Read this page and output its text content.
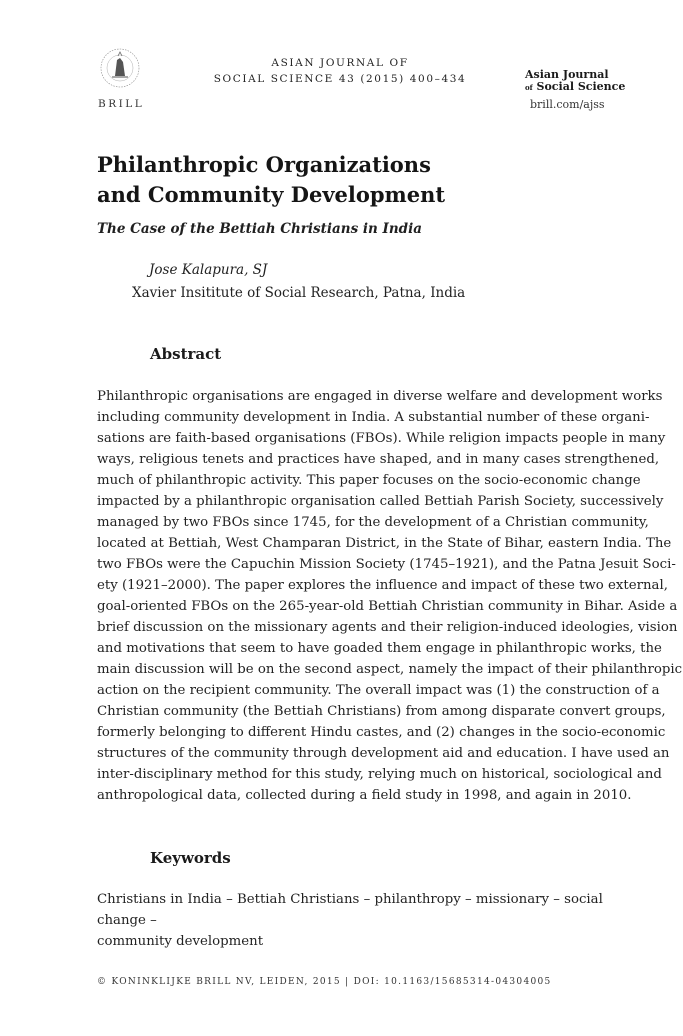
BRILL
ASIAN JOURNAL OF
SOCIAL SCIENCE 43 (2015) 400–434	Asian Journal
of Social Science
brill.com/ajss
Philanthropic Organizations
and Community Development
The Case of the Bettiah Christians in India
Jose Kalapura, SJ
Xavier Insititute of Social Research, Patna, India
Abstract
Philanthropic organisations are engaged in diverse welfare and development works
including community development in India. A substantial number of these organi-
sations are faith-based organisations (FBOs). While religion impacts people in many
ways, religious tenets and practices have shaped, and in many cases strengthened,
much of philanthropic activity. This paper focuses on the socio-economic change
impacted by a philanthropic organisation called Bettiah Parish Society, successively
managed by two FBOs since 1745, for the development of a Christian community,
located at Bettiah, West Champaran District, in the State of Bihar, eastern India. The
two FBOs were the Capuchin Mission Society (1745–1921), and the Patna Jesuit Soci-
ety (1921–2000). The paper explores the influence and impact of these two external,
goal-oriented FBOs on the 265-year-old Bettiah Christian community in Bihar. Aside a
brief discussion on the missionary agents and their religion-induced ideologies, vision
and motivations that seem to have goaded them engage in philanthropic works, the
main discussion will be on the second aspect, namely the impact of their philanthropic
action on the recipient community. The overall impact was (1) the construction of a
Christian community (the Bettiah Christians) from among disparate convert groups,
formerly belonging to different Hindu castes, and (2) changes in the socio-economic
structures of the community through development aid and education. I have used an
inter-disciplinary method for this study, relying much on historical, sociological and
anthropological data, collected during a field study in 1998, and again in 2010.
Keywords
Christians in India – Bettiah Christians – philanthropy – missionary – social change –
community development
© KONINKLIJKE BRILL NV, LEIDEN, 2015 | DOI: 10.1163/15685314-04304005
